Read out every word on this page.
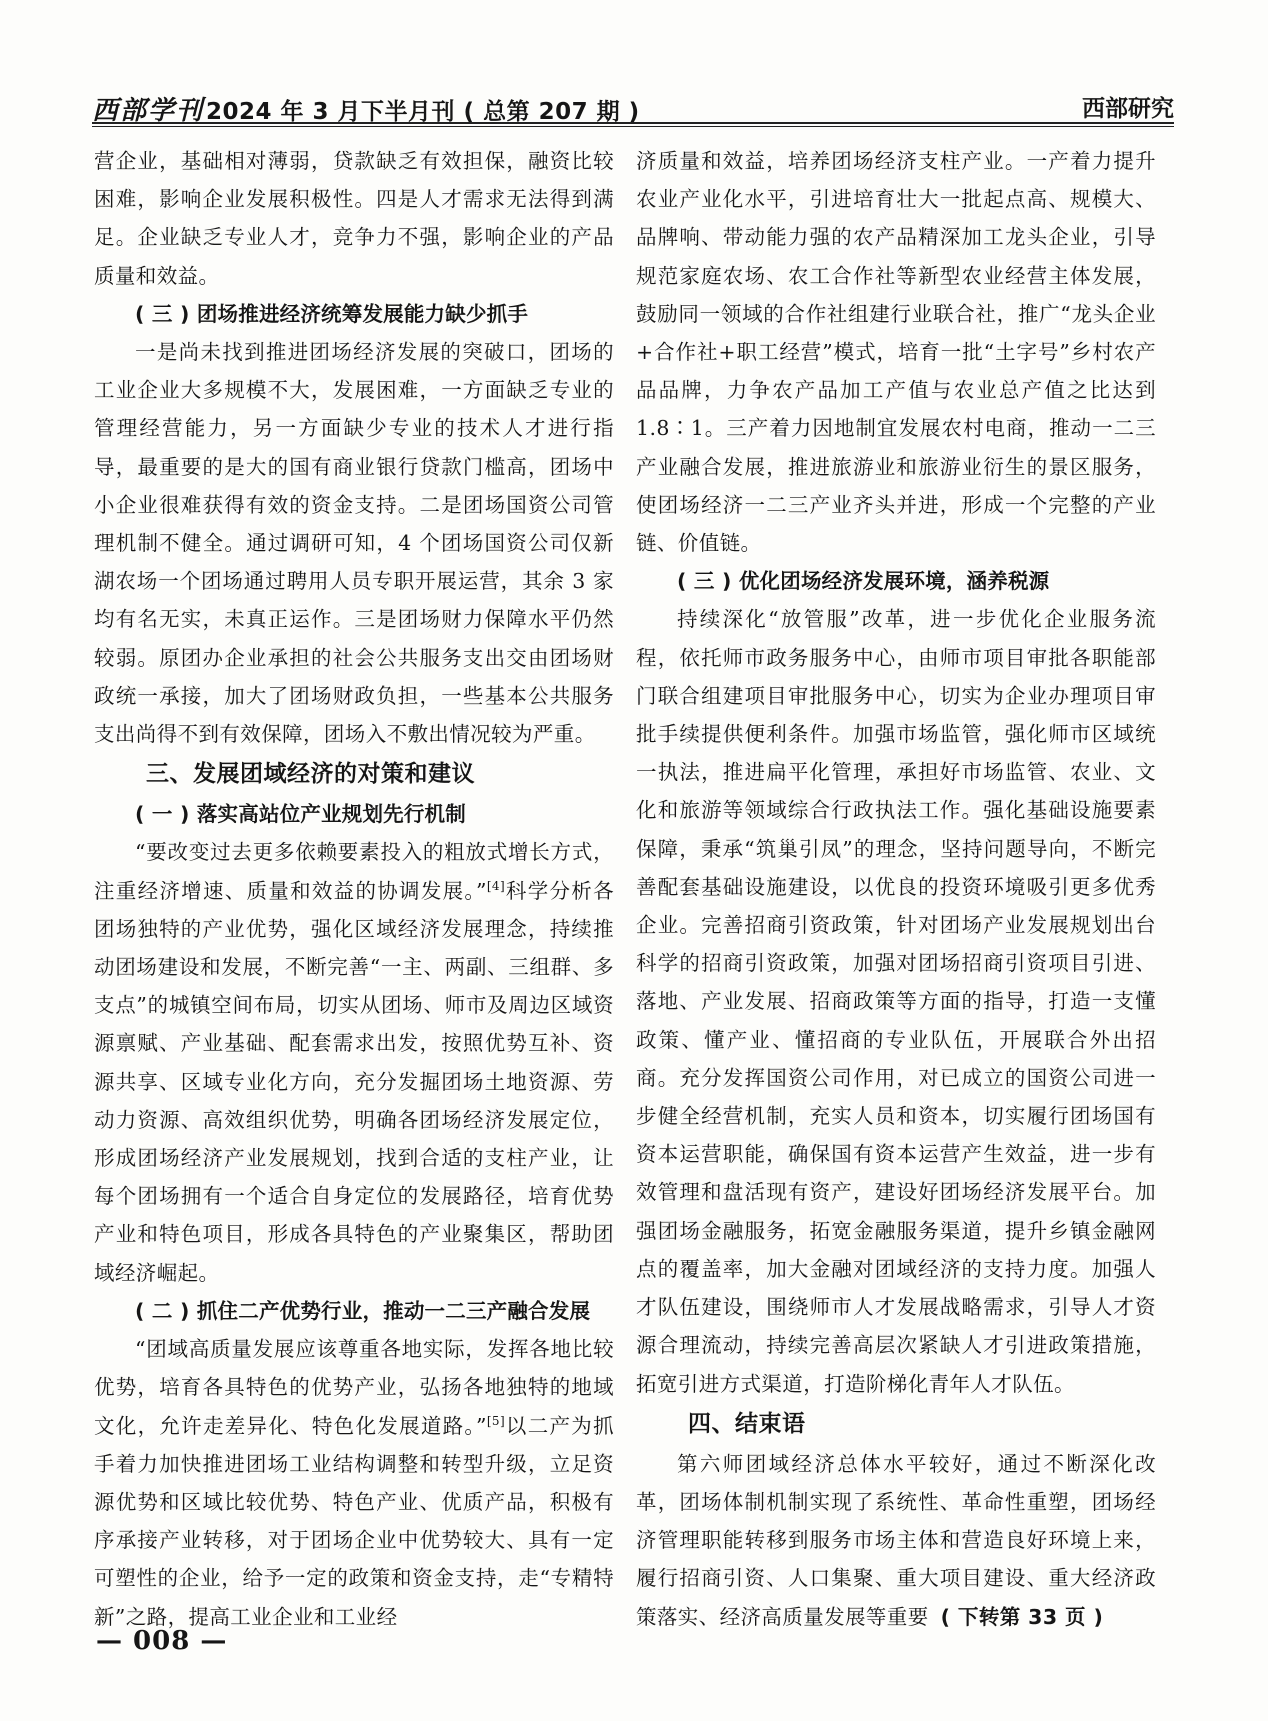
西部学刊2024 年 3 月下半月刊 ( 总第 207 期 )	西部研究

营企业，基础相对薄弱，贷款缺乏有效担保，融资比较困难，影响企业发展积极性。四是人才需求无法得到满足。企业缺乏专业人才，竞争力不强，影响企业的产品质量和效益。

( 三 ) 团场推进经济统筹发展能力缺少抓手

一是尚未找到推进团场经济发展的突破口，团场的工业企业大多规模不大，发展困难，一方面缺乏专业的管理经营能力，另一方面缺少专业的技术人才进行指导，最重要的是大的国有商业银行贷款门槛高，团场中小企业很难获得有效的资金支持。二是团场国资公司管理机制不健全。通过调研可知，4 个团场国资公司仅新湖农场一个团场通过聘用人员专职开展运营，其余 3 家均有名无实，未真正运作。三是团场财力保障水平仍然较弱。原团办企业承担的社会公共服务支出交由团场财政统一承接，加大了团场财政负担，一些基本公共服务支出尚得不到有效保障，团场入不敷出情况较为严重。

三、发展团域经济的对策和建议

( 一 ) 落实高站位产业规划先行机制

“要改变过去更多依赖要素投入的粗放式增长方式，注重经济增速、质量和效益的协调发展。”[4]科学分析各团场独特的产业优势，强化区域经济发展理念，持续推动团场建设和发展，不断完善“一主、两副、三组群、多支点”的城镇空间布局，切实从团场、师市及周边区域资源禀赋、产业基础、配套需求出发，按照优势互补、资源共享、区域专业化方向，充分发掘团场土地资源、劳动力资源、高效组织优势，明确各团场经济发展定位，形成团场经济产业发展规划，找到合适的支柱产业，让每个团场拥有一个适合自身定位的发展路径，培育优势产业和特色项目，形成各具特色的产业聚集区，帮助团域经济崛起。

( 二 ) 抓住二产优势行业，推动一二三产融合发展

“团域高质量发展应该尊重各地实际，发挥各地比较优势，培育各具特色的优势产业，弘扬各地独特的地域文化，允许走差异化、特色化发展道路。”[5]以二产为抓手着力加快推进团场工业结构调整和转型升级，立足资源优势和区域比较优势、特色产业、优质产品，积极有序承接产业转移，对于团场企业中优势较大、具有一定可塑性的企业，给予一定的政策和资金支持，走“专精特新”之路，提高工业企业和工业经

济质量和效益，培养团场经济支柱产业。一产着力提升农业产业化水平，引进培育壮大一批起点高、规模大、品牌响、带动能力强的农产品精深加工龙头企业，引导规范家庭农场、农工合作社等新型农业经营主体发展，鼓励同一领域的合作社组建行业联合社，推广“龙头企业+合作社+职工经营”模式，培育一批“土字号”乡村农产品品牌，力争农产品加工产值与农业总产值之比达到 1.8∶1。三产着力因地制宜发展农村电商，推动一二三产业融合发展，推进旅游业和旅游业衍生的景区服务，使团场经济一二三产业齐头并进，形成一个完整的产业链、价值链。

( 三 ) 优化团场经济发展环境，涵养税源

持续深化“放管服”改革，进一步优化企业服务流程，依托师市政务服务中心，由师市项目审批各职能部门联合组建项目审批服务中心，切实为企业办理项目审批手续提供便利条件。加强市场监管，强化师市区域统一执法，推进扁平化管理，承担好市场监管、农业、文化和旅游等领域综合行政执法工作。强化基础设施要素保障，秉承“筑巢引凤”的理念，坚持问题导向，不断完善配套基础设施建设，以优良的投资环境吸引更多优秀企业。完善招商引资政策，针对团场产业发展规划出台科学的招商引资政策，加强对团场招商引资项目引进、落地、产业发展、招商政策等方面的指导，打造一支懂政策、懂产业、懂招商的专业队伍，开展联合外出招商。充分发挥国资公司作用，对已成立的国资公司进一步健全经营机制，充实人员和资本，切实履行团场国有资本运营职能，确保国有资本运营产生效益，进一步有效管理和盘活现有资产，建设好团场经济发展平台。加强团场金融服务，拓宽金融服务渠道，提升乡镇金融网点的覆盖率，加大金融对团域经济的支持力度。加强人才队伍建设，围绕师市人才发展战略需求，引导人才资源合理流动，持续完善高层次紧缺人才引进政策措施，拓宽引进方式渠道，打造阶梯化青年人才队伍。

四、结束语

第六师团域经济总体水平较好，通过不断深化改革，团场体制机制实现了系统性、革命性重塑，团场经济管理职能转移到服务市场主体和营造良好环境上来，履行招商引资、人口集聚、重大项目建设、重大经济政策落实、经济高质量发展等重要 ( 下转第 33 页 )

— 008 —
